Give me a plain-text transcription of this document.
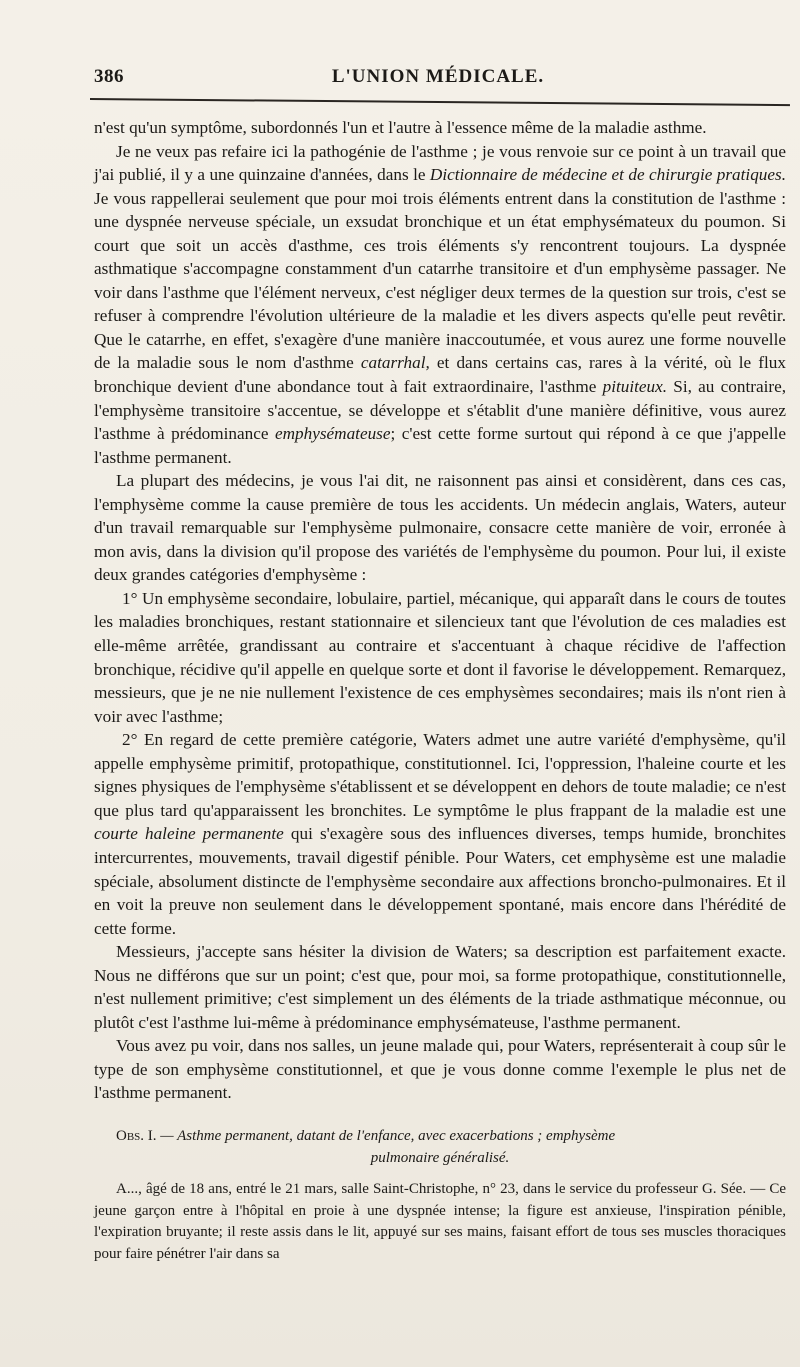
386	L'UNION MÉDICALE.

n'est qu'un symptôme, subordonnés l'un et l'autre à l'essence même de la maladie asthme.

Je ne veux pas refaire ici la pathogénie de l'asthme ; je vous renvoie sur ce point à un travail que j'ai publié, il y a une quinzaine d'années, dans le Dictionnaire de médecine et de chirurgie pratiques. Je vous rappellerai seulement que pour moi trois éléments entrent dans la constitution de l'asthme : une dyspnée nerveuse spéciale, un exsudat bronchique et un état emphysémateux du poumon. Si court que soit un accès d'asthme, ces trois éléments s'y rencontrent toujours. La dyspnée asthmatique s'accompagne constamment d'un catarrhe transitoire et d'un emphysème passager. Ne voir dans l'asthme que l'élément nerveux, c'est négliger deux termes de la question sur trois, c'est se refuser à comprendre l'évolution ultérieure de la maladie et les divers aspects qu'elle peut revêtir. Que le catarrhe, en effet, s'exagère d'une manière inaccoutumée, et vous aurez une forme nouvelle de la maladie sous le nom d'asthme catarrhal, et dans certains cas, rares à la vérité, où le flux bronchique devient d'une abondance tout à fait extraordinaire, l'asthme pituiteux. Si, au contraire, l'emphysème transitoire s'accentue, se développe et s'établit d'une manière définitive, vous aurez l'asthme à prédominance emphysémateuse; c'est cette forme surtout qui répond à ce que j'appelle l'asthme permanent.

La plupart des médecins, je vous l'ai dit, ne raisonnent pas ainsi et considèrent, dans ces cas, l'emphysème comme la cause première de tous les accidents. Un médecin anglais, Waters, auteur d'un travail remarquable sur l'emphysème pulmonaire, consacre cette manière de voir, erronée à mon avis, dans la division qu'il propose des variétés de l'emphysème du poumon. Pour lui, il existe deux grandes catégories d'emphysème :

1° Un emphysème secondaire, lobulaire, partiel, mécanique, qui apparaît dans le cours de toutes les maladies bronchiques, restant stationnaire et silencieux tant que l'évolution de ces maladies est elle-même arrêtée, grandissant au contraire et s'accentuant à chaque récidive de l'affection bronchique, récidive qu'il appelle en quelque sorte et dont il favorise le développement. Remarquez, messieurs, que je ne nie nullement l'existence de ces emphysèmes secondaires; mais ils n'ont rien à voir avec l'asthme;

2° En regard de cette première catégorie, Waters admet une autre variété d'emphysème, qu'il appelle emphysème primitif, protopathique, constitutionnel. Ici, l'oppression, l'haleine courte et les signes physiques de l'emphysème s'établissent et se développent en dehors de toute maladie; ce n'est que plus tard qu'apparaissent les bronchites. Le symptôme le plus frappant de la maladie est une courte haleine permanente qui s'exagère sous des influences diverses, temps humide, bronchites intercurrentes, mouvements, travail digestif pénible. Pour Waters, cet emphysème est une maladie spéciale, absolument distincte de l'emphysème secondaire aux affections broncho-pulmonaires. Et il en voit la preuve non seulement dans le développement spontané, mais encore dans l'hérédité de cette forme.

Messieurs, j'accepte sans hésiter la division de Waters; sa description est parfaitement exacte. Nous ne différons que sur un point; c'est que, pour moi, sa forme protopathique, constitutionnelle, n'est nullement primitive; c'est simplement un des éléments de la triade asthmatique méconnue, ou plutôt c'est l'asthme lui-même à prédominance emphysémateuse, l'asthme permanent.

Vous avez pu voir, dans nos salles, un jeune malade qui, pour Waters, représenterait à coup sûr le type de son emphysème constitutionnel, et que je vous donne comme l'exemple le plus net de l'asthme permanent.

Obs. I. — Asthme permanent, datant de l'enfance, avec exacerbations ; emphysème
pulmonaire généralisé.

A..., âgé de 18 ans, entré le 21 mars, salle Saint-Christophe, n° 23, dans le service du professeur G. Sée. — Ce jeune garçon entre à l'hôpital en proie à une dyspnée intense; la figure est anxieuse, l'inspiration pénible, l'expiration bruyante; il reste assis dans le lit, appuyé sur ses mains, faisant effort de tous ses muscles thoraciques pour faire pénétrer l'air dans sa
